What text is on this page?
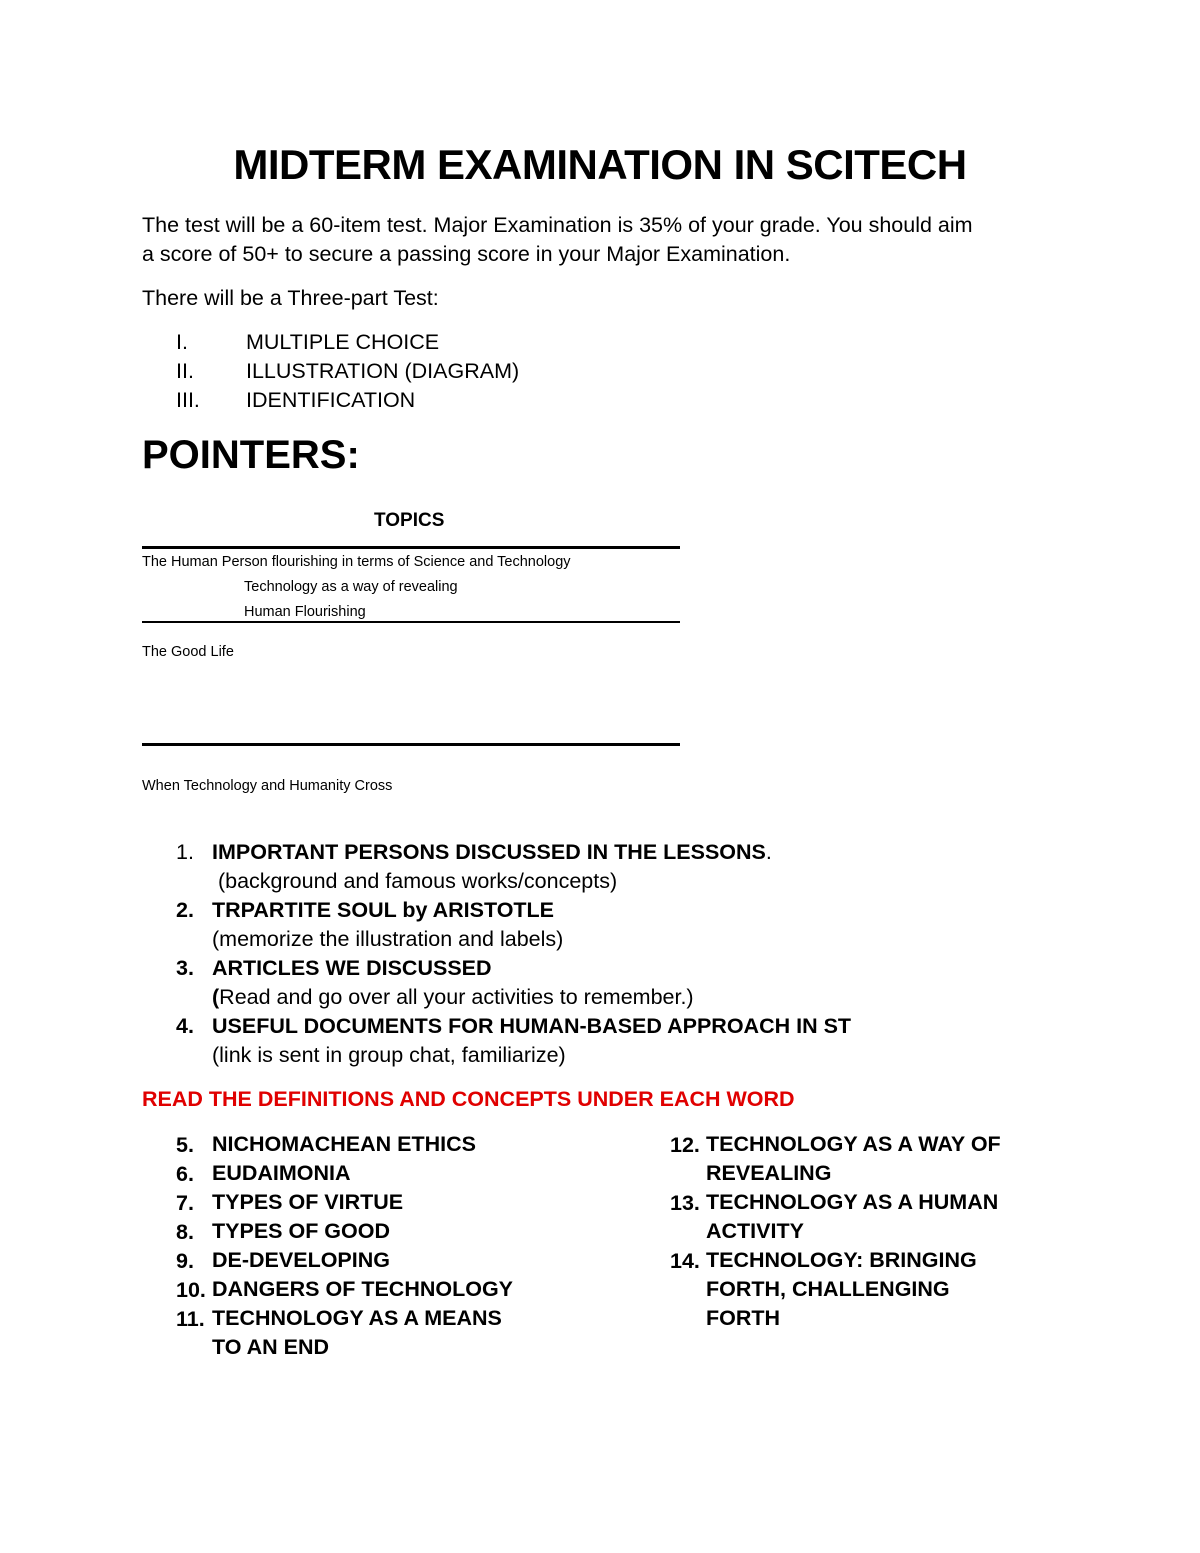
MIDTERM EXAMINATION IN SCITECH
The test will be a 60-item test. Major Examination is 35% of your grade. You should aim
a score of 50+ to secure a passing score in your Major Examination.
There will be a Three-part Test:
I.	MULTIPLE CHOICE
II. ILLUSTRATION (DIAGRAM)
III. IDENTIFICATION
POINTERS:
TOPICS
The Human Person flourishing in terms of Science and Technology
Technology as a way of revealing
Human Flourishing
The Good Life
When Technology and Humanity Cross
1. IMPORTANT PERSONS DISCUSSED IN THE LESSONS.
(background and famous works/concepts)
2. TRPARTITE SOUL by ARISTOTLE
(memorize the illustration and labels)
3. ARTICLES WE DISCUSSED
(Read and go over all your activities to remember.)
4. USEFUL DOCUMENTS FOR HUMAN-BASED APPROACH IN ST
(link is sent in group chat, familiarize)
READ THE DEFINITIONS AND CONCEPTS UNDER EACH WORD
5. NICHOMACHEAN ETHICS
6. EUDAIMONIA
7. TYPES OF VIRTUE
8. TYPES OF GOOD
9. DE-DEVELOPING
10. DANGERS OF TECHNOLOGY
11. TECHNOLOGY AS A MEANS
TO AN END
12. TECHNOLOGY AS A WAY OF
REVEALING
13. TECHNOLOGY AS A HUMAN
ACTIVITY
14. TECHNOLOGY: BRINGING
FORTH, CHALLENGING
FORTH
